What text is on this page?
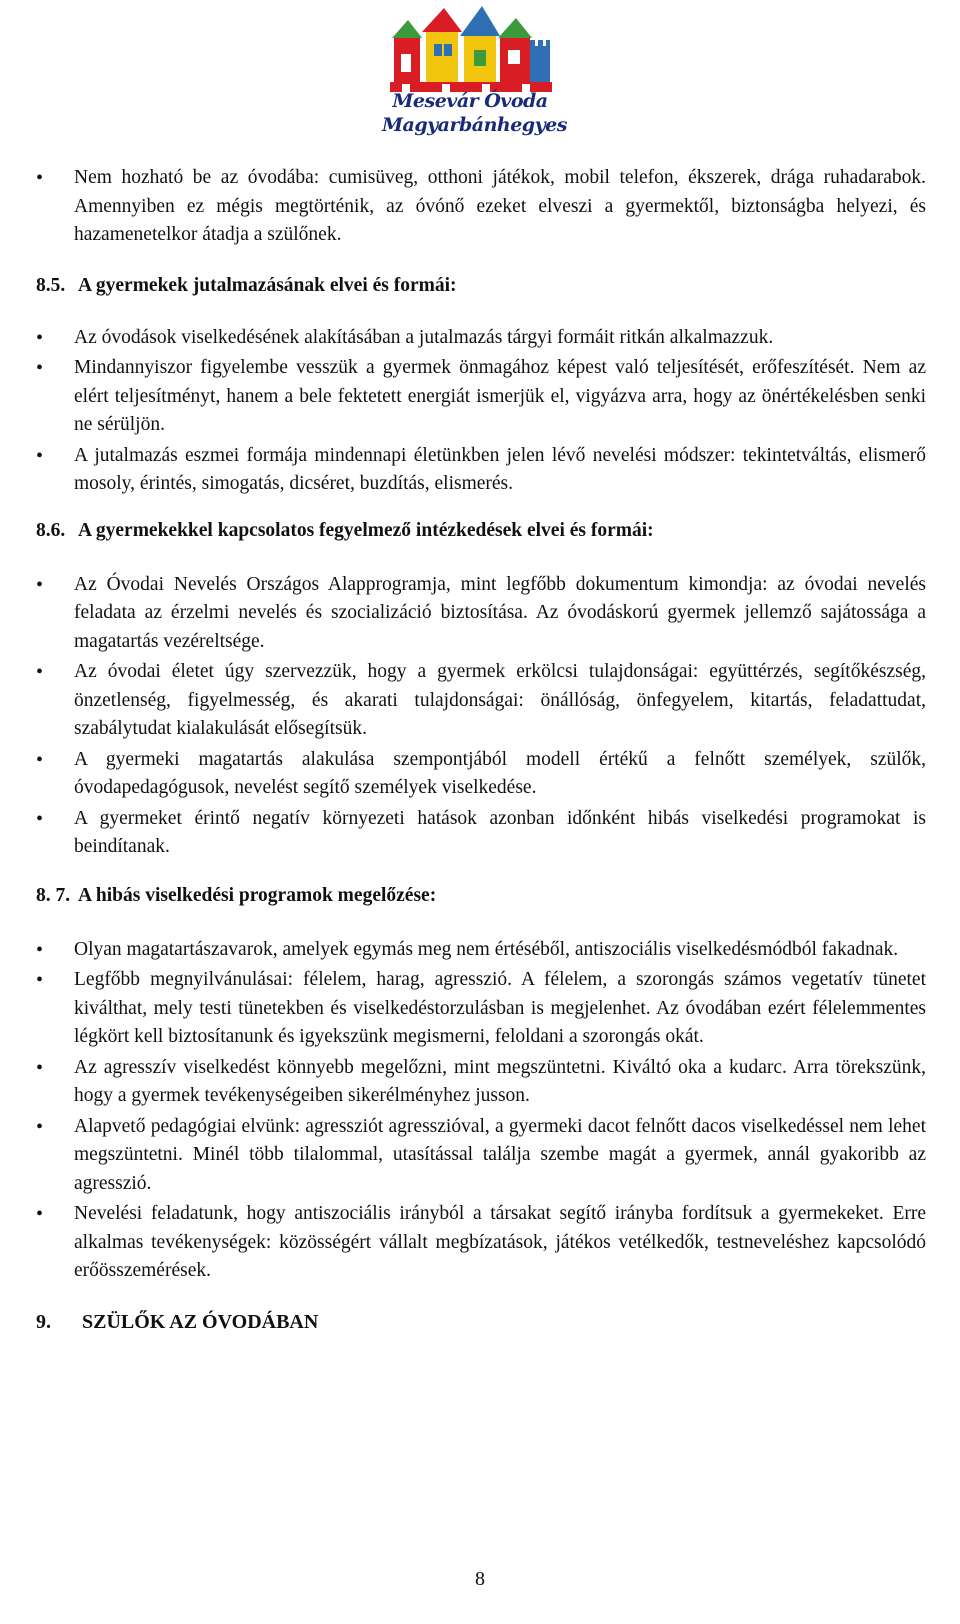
Mesevár Óvoda
Magyarbánhegyes
• Nem hozható be az óvodába: cumisüveg, otthoni játékok, mobil telefon, ékszerek, drága ruhadarabok. Amennyiben ez mégis megtörténik, az óvónő ezeket elveszi a gyermektől, biztonságba helyezi, és hazamenetelkor átadja a szülőnek.
8.5. A gyermekek jutalmazásának elvei és formái:
• Az óvodások viselkedésének alakításában a jutalmazás tárgyi formáit ritkán alkalmazzuk.
• Mindannyiszor figyelembe vesszük a gyermek önmagához képest való teljesítését, erőfeszítését. Nem az elért teljesítményt, hanem a bele fektetett energiát ismerjük el, vigyázva arra, hogy az önértékelésben senki ne sérüljön.
• A jutalmazás eszmei formája mindennapi életünkben jelen lévő nevelési módszer: tekintetváltás, elismerő mosoly, érintés, simogatás, dicséret, buzdítás, elismerés.
8.6. A gyermekekkel kapcsolatos fegyelmező intézkedések elvei és formái:
• Az Óvodai Nevelés Országos Alapprogramja, mint legfőbb dokumentum kimondja: az óvodai nevelés feladata az érzelmi nevelés és szocializáció biztosítása. Az óvodáskorú gyermek jellemző sajátossága a magatartás vezéreltsége.
• Az óvodai életet úgy szervezzük, hogy a gyermek erkölcsi tulajdonságai: együttérzés, segítőkészség, önzetlenség, figyelmesség, és akarati tulajdonságai: önállóság, önfegyelem, kitartás, feladattudat, szabálytudat kialakulását elősegítsük.
• A gyermeki magatartás alakulása szempontjából modell értékű a felnőtt személyek, szülők, óvodapedagógusok, nevelést segítő személyek viselkedése.
• A gyermeket érintő negatív környezeti hatások azonban időnként hibás viselkedési programokat is beindítanak.
8. 7. A hibás viselkedési programok megelőzése:
• Olyan magatartászavarok, amelyek egymás meg nem értéséből, antiszociális viselkedésmódból fakadnak.
• Legfőbb megnyilvánulásai: félelem, harag, agresszió. A félelem, a szorongás számos vegetatív tünetet kiválthat, mely testi tünetekben és viselkedéstorzulásban is megjelenhet. Az óvodában ezért félelemmentes légkört kell biztosítanunk és igyekszünk megismerni, feloldani a szorongás okát.
• Az agresszív viselkedést könnyebb megelőzni, mint megszüntetni. Kiváltó oka a kudarc. Arra törekszünk, hogy a gyermek tevékenységeiben sikerélményhez jusson.
• Alapvető pedagógiai elvünk: agressziót agresszióval, a gyermeki dacot felnőtt dacos viselkedéssel nem lehet megszüntetni. Minél több tilalommal, utasítással találja szembe magát a gyermek, annál gyakoribb az agresszió.
• Nevelési feladatunk, hogy antiszociális irányból a társakat segítő irányba fordítsuk a gyermekeket. Erre alkalmas tevékenységek: közösségért vállalt megbízatások, játékos vetélkedők, testneveléshez kapcsolódó erőösszemérések.
9. SZÜLŐK AZ ÓVODÁBAN
8
